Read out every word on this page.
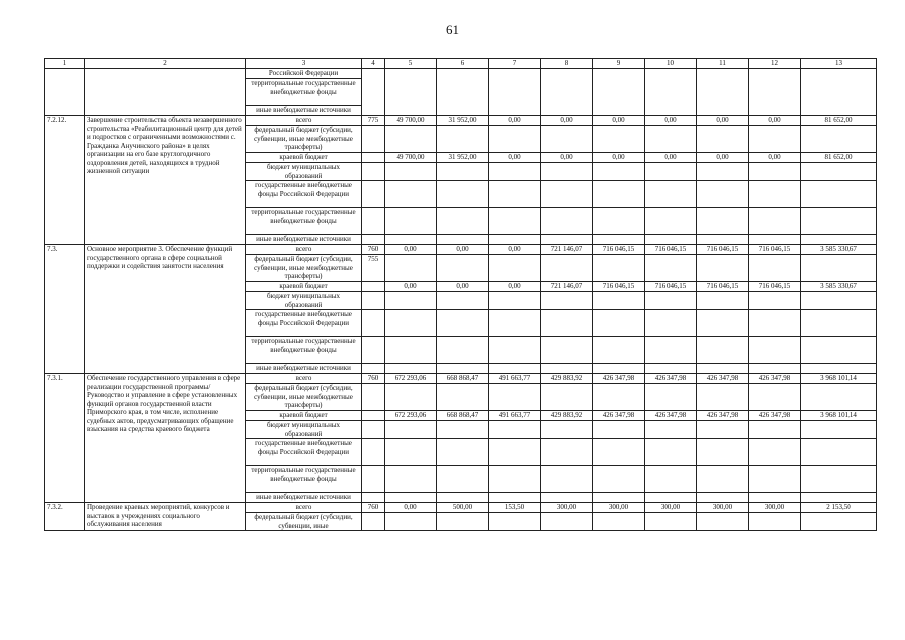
61
1	2	3	4	5	6	7	8	9	10	11	12	13
		Российской Федерации										
		территориальные государственные внебюджетные фонды										
		иные внебюджетные источники										
7.2.12.	Завершение строительства объекта незавершенного строительства «Реабилитационный центр для детей и подростков с ограниченными возможностями с. Гражданка Анучинского района» в целях организации на его базе круглогодичного оздоровления детей, находящихся в трудной жизненной ситуации	всего	775	49 700,00	31 952,00	0,00	0,00	0,00	0,00	0,00	0,00	81 652,00
		федеральный бюджет (субсидии, субвенции, иные межбюджетные трансферты)										
		краевой бюджет		49 700,00	31 952,00	0,00	0,00	0,00	0,00	0,00	0,00	81 652,00
		бюджет муниципальных образований										
		государственные внебюджетные фонды Российской Федерации										
		территориальные государственные внебюджетные фонды										
		иные внебюджетные источники										
7.3.	Основное мероприятие 3. Обеспечение функций государственного органа в сфере социальной поддержки и содействия занятости населения	всего	760	0,00	0,00	0,00	721 146,07	716 046,15	716 046,15	716 046,15	716 046,15	3 585 330,67
		федеральный бюджет (субсидии, субвенции, иные межбюджетные трансферты)	755									
		краевой бюджет		0,00	0,00	0,00	721 146,07	716 046,15	716 046,15	716 046,15	716 046,15	3 585 330,67
		бюджет муниципальных образований										
		государственные внебюджетные фонды Российской Федерации										
		территориальные государственные внебюджетные фонды										
		иные внебюджетные источники										
7.3.1.	Обеспечение государственного управления в сфере реализации государственной программы/ Руководство и управление в сфере установленных функций органов государственной власти Приморского края, в том числе, исполнение судебных актов, предусматривающих обращение взыскания на средства краевого бюджета	всего	760	672 293,06	668 868,47	491 663,77	429 883,92	426 347,98	426 347,98	426 347,98	426 347,98	3 968 101,14
		федеральный бюджет (субсидии, субвенции, иные межбюджетные трансферты)										
		краевой бюджет		672 293,06	668 868,47	491 663,77	429 883,92	426 347,98	426 347,98	426 347,98	426 347,98	3 968 101,14
		бюджет муниципальных образований										
		государственные внебюджетные фонды Российской Федерации										
		территориальные государственные внебюджетные фонды										
		иные внебюджетные источники										
7.3.2.	Проведение краевых мероприятий, конкурсов и выставок в учреждениях социального обслуживания населения	всего	760	0,00	500,00	153,50	300,00	300,00	300,00	300,00	300,00	2 153,50
		федеральный бюджет (субсидии, субвенции, иные										
